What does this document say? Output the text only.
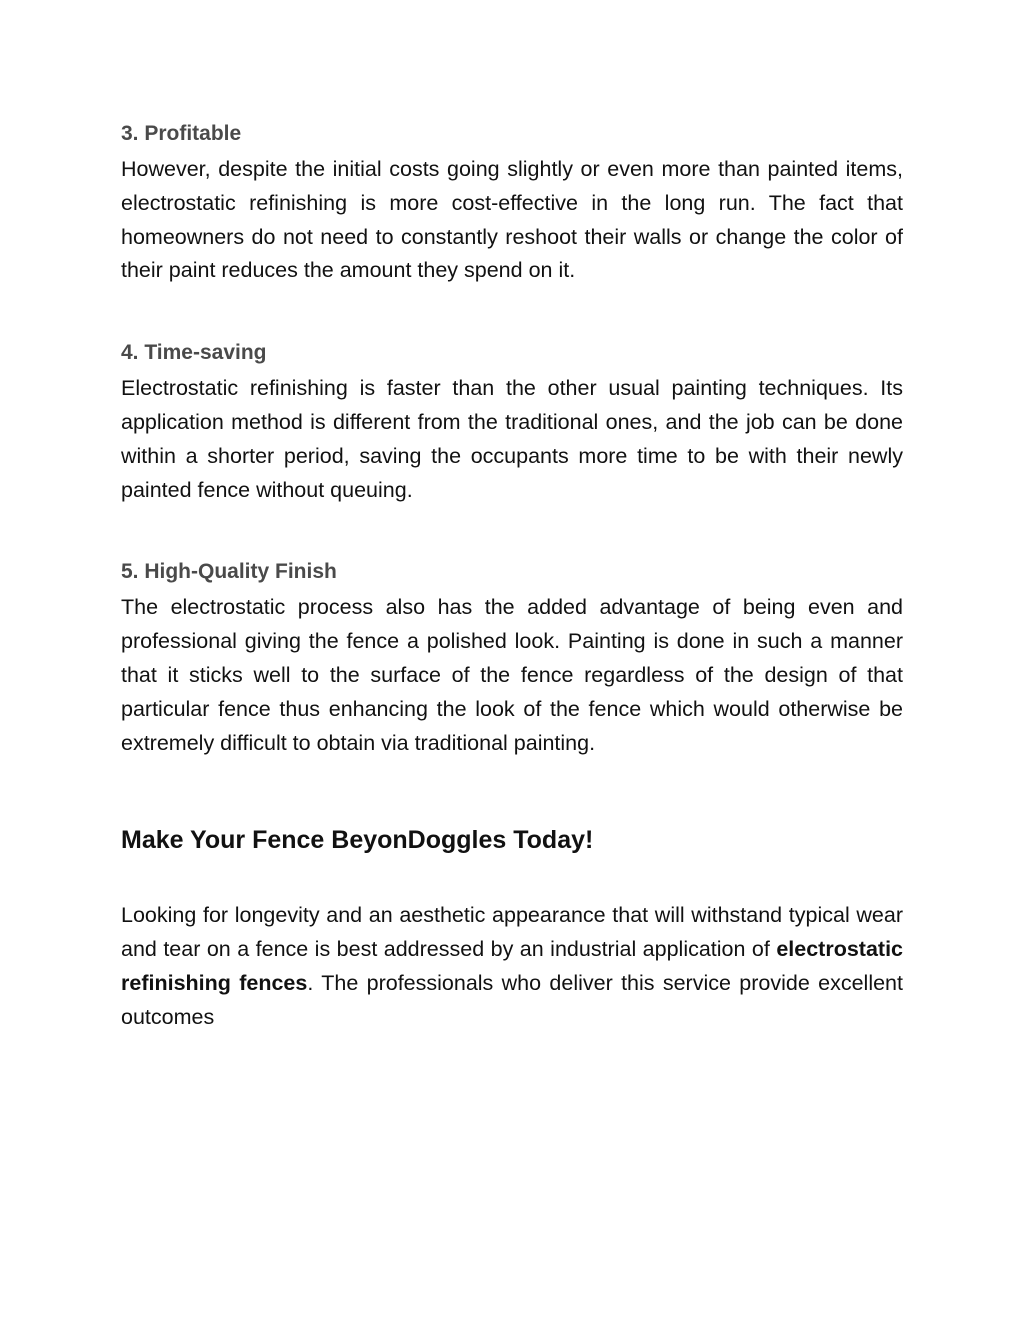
3. Profitable

However, despite the initial costs going slightly or even more than painted items, electrostatic refinishing is more cost-effective in the long run. The fact that homeowners do not need to constantly reshoot their walls or change the color of their paint reduces the amount they spend on it.

4. Time-saving

Electrostatic refinishing is faster than the other usual painting techniques. Its application method is different from the traditional ones, and the job can be done within a shorter period, saving the occupants more time to be with their newly painted fence without queuing.

5. High-Quality Finish

The electrostatic process also has the added advantage of being even and professional giving the fence a polished look. Painting is done in such a manner that it sticks well to the surface of the fence regardless of the design of that particular fence thus enhancing the look of the fence which would otherwise be extremely difficult to obtain via traditional painting.

Make Your Fence BeyonDoggles Today!

Looking for longevity and an aesthetic appearance that will withstand typical wear and tear on a fence is best addressed by an industrial application of electrostatic refinishing fences. The professionals who deliver this service provide excellent outcomes
